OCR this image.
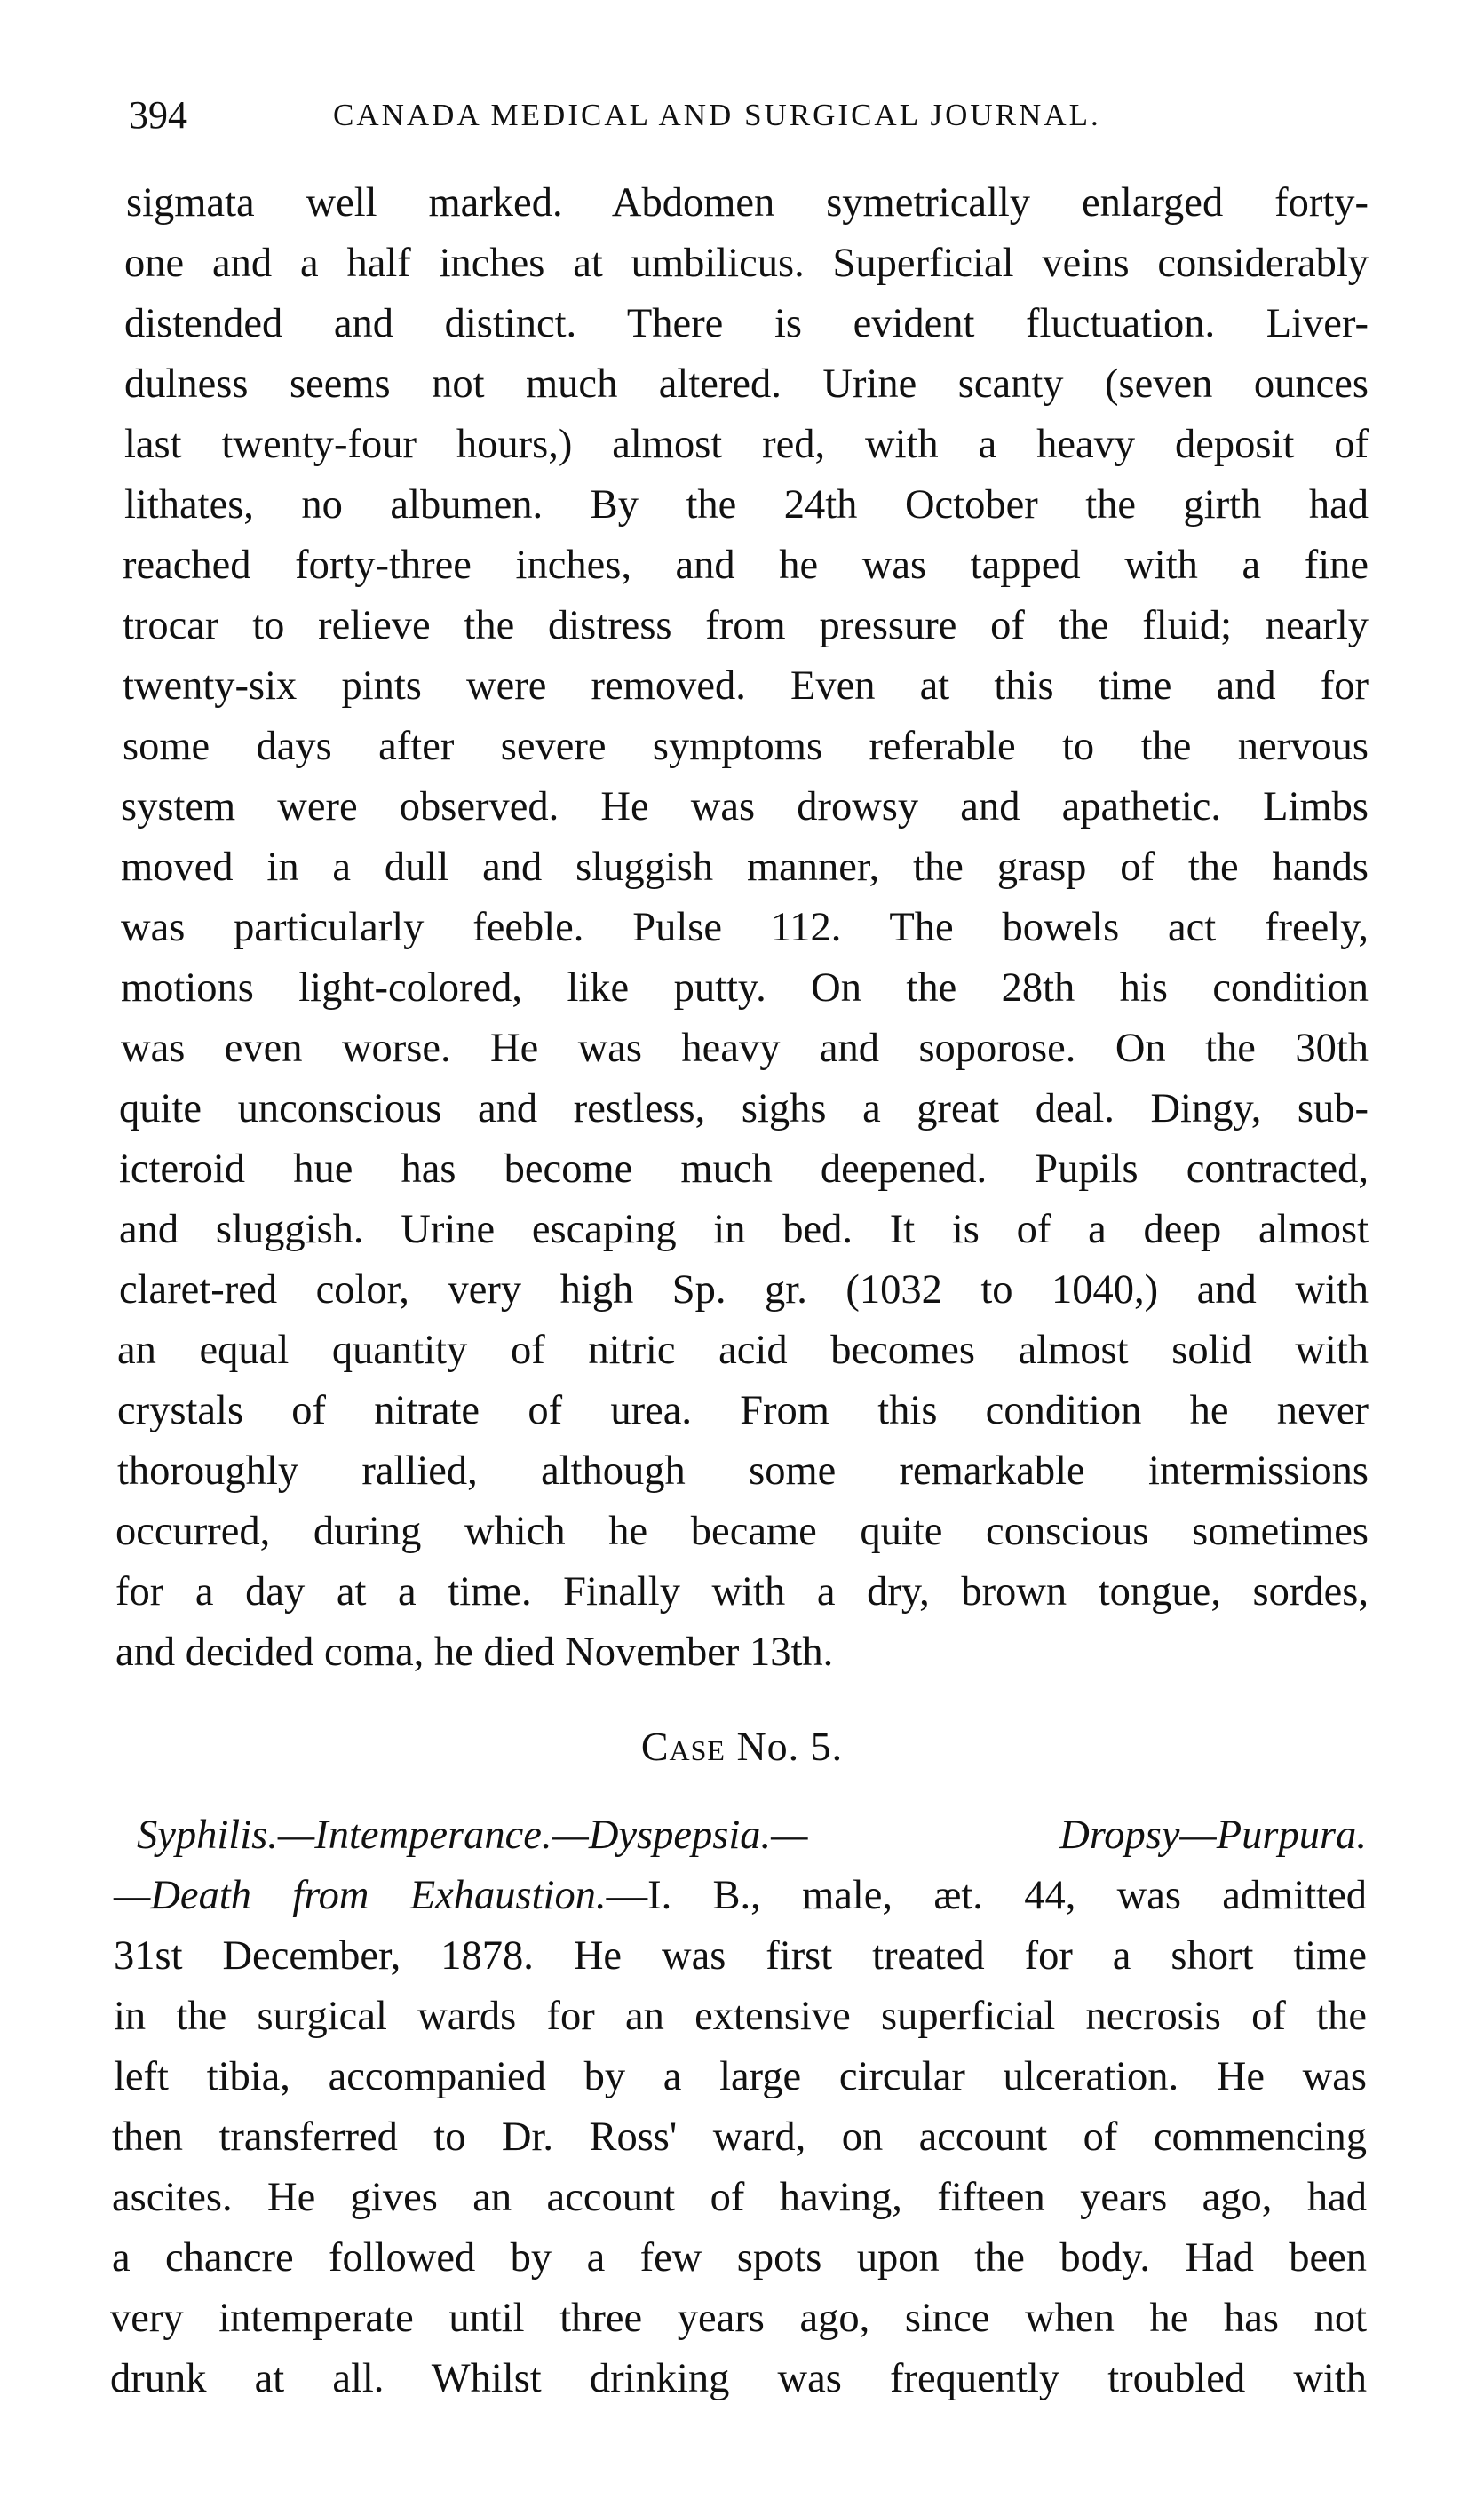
394	CANADA MEDICAL AND SURGICAL JOURNAL.
sigmata well marked. Abdomen symetrically enlarged forty-
one and a half inches at umbilicus. Superficial veins considerably
distended and distinct. There is evident fluctuation. Liver-
dulness seems not much altered. Urine scanty (seven ounces
last twenty-four hours,) almost red, with a heavy deposit of
lithates, no albumen. By the 24th October the girth had
reached forty-three inches, and he was tapped with a fine
trocar to relieve the distress from pressure of the fluid; nearly
twenty-six pints were removed. Even at this time and for
some days after severe symptoms referable to the nervous
system were observed. He was drowsy and apathetic. Limbs
moved in a dull and sluggish manner, the grasp of the hands
was particularly feeble. Pulse 112. The bowels act freely,
motions light-colored, like putty. On the 28th his condition
was even worse. He was heavy and soporose. On the 30th
quite unconscious and restless, sighs a great deal. Dingy, sub-
icteroid hue has become much deepened. Pupils contracted,
and sluggish. Urine escaping in bed. It is of a deep almost
claret-red color, very high Sp. gr. (1032 to 1040,) and with
an equal quantity of nitric acid becomes almost solid with
crystals of nitrate of urea. From this condition he never
thoroughly rallied, although some remarkable intermissions
occurred, during which he became quite conscious sometimes
for a day at a time. Finally with a dry, brown tongue, sordes,
and decided coma, he died November 13th.
Case No. 5.
Syphilis.—Intemperance.—Dyspepsia.— Dropsy—Purpura.
—Death from Exhaustion.—I. B., male, æt. 44, was admitted
31st December, 1878. He was first treated for a short time
in the surgical wards for an extensive superficial necrosis of the
left tibia, accompanied by a large circular ulceration. He was
then transferred to Dr. Ross' ward, on account of commencing
ascites. He gives an account of having, fifteen years ago, had
a chancre followed by a few spots upon the body. Had been
very intemperate until three years ago, since when he has not
drunk at all. Whilst drinking was frequently troubled with
